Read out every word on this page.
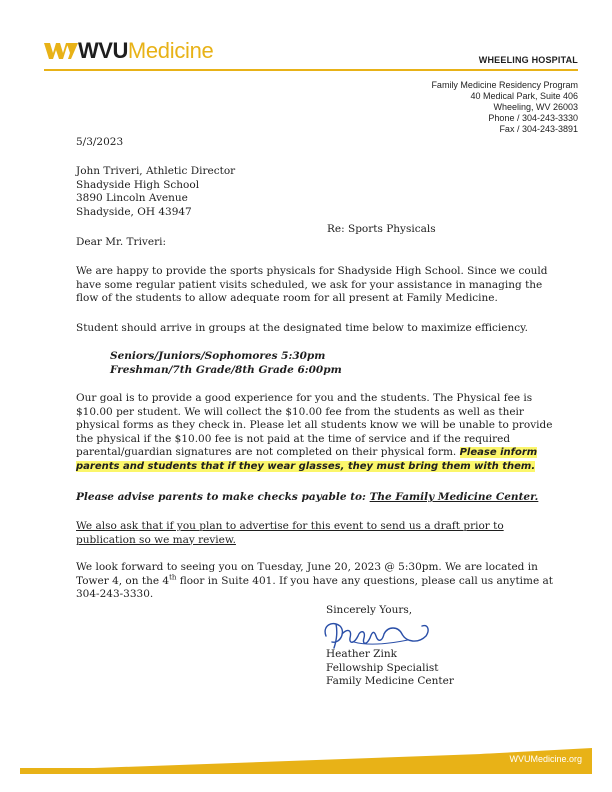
WVU Medicine	WHEELING HOSPITAL
Family Medicine Residency Program
40 Medical Park, Suite 406
Wheeling, WV 26003
Phone / 304-243-3330
Fax / 304-243-3891
5/3/2023
John Triveri, Athletic Director
Shadyside High School
3890 Lincoln Avenue
Shadyside, OH 43947
Re: Sports Physicals
Dear Mr. Triveri:
We are happy to provide the sports physicals for Shadyside High School. Since we could have some regular patient visits scheduled, we ask for your assistance in managing the flow of the students to allow adequate room for all present at Family Medicine.
Student should arrive in groups at the designated time below to maximize efficiency.
Seniors/Juniors/Sophomores 5:30pm
Freshman/7th Grade/8th Grade 6:00pm
Our goal is to provide a good experience for you and the students. The Physical fee is $10.00 per student. We will collect the $10.00 fee from the students as well as their physical forms as they check in. Please let all students know we will be unable to provide the physical if the $10.00 fee is not paid at the time of service and if the required parental/guardian signatures are not completed on their physical form. Please inform parents and students that if they wear glasses, they must bring them with them.
Please advise parents to make checks payable to: The Family Medicine Center.
We also ask that if you plan to advertise for this event to send us a draft prior to publication so we may review.
We look forward to seeing you on Tuesday, June 20, 2023 @ 5:30pm. We are located in Tower 4, on the 4th floor in Suite 401. If you have any questions, please call us anytime at 304-243-3330.
Sincerely Yours,
Heather Zink
Fellowship Specialist
Family Medicine Center
WVUMedicine.org
